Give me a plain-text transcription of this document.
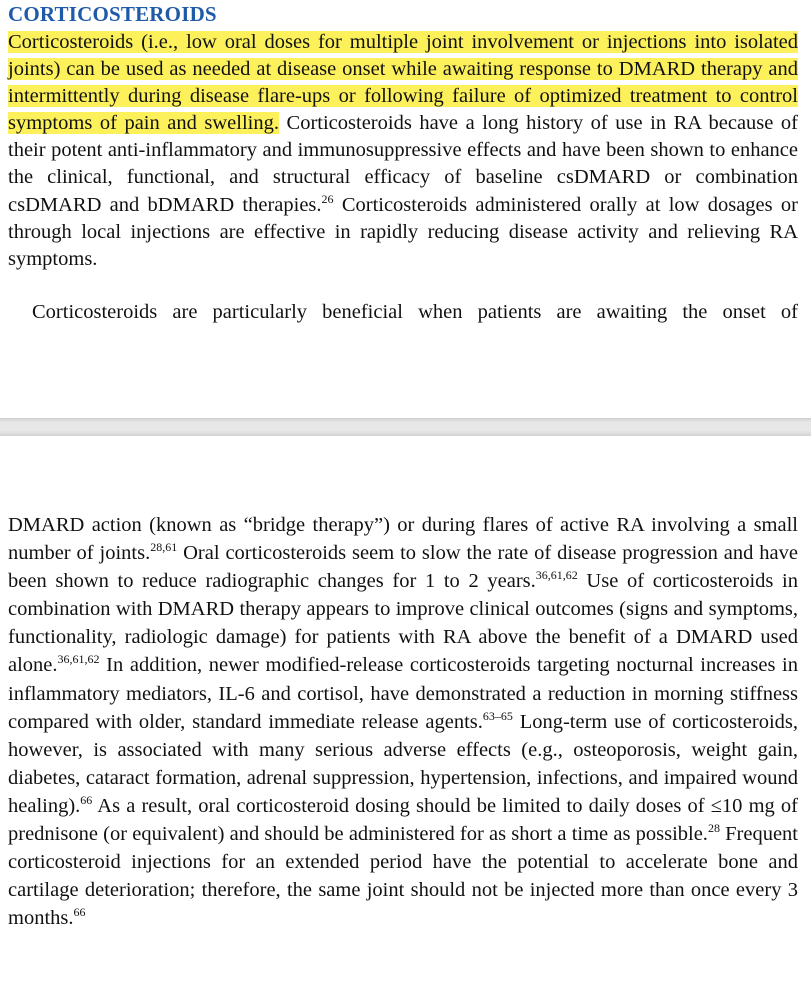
CORTICOSTEROIDS

Corticosteroids (i.e., low oral doses for multiple joint involvement or injections into isolated joints) can be used as needed at disease onset while awaiting response to DMARD therapy and intermittently during disease flare-ups or following failure of optimized treatment to control symptoms of pain and swelling. Corticosteroids have a long history of use in RA because of their potent anti-inflammatory and immunosuppressive effects and have been shown to enhance the clinical, functional, and structural efficacy of baseline csDMARD or combination csDMARD and bDMARD therapies.$^{26}$ Corticosteroids administered orally at low dosages or through local injections are effective in rapidly reducing disease activity and relieving RA symptoms.

Corticosteroids are particularly beneficial when patients are awaiting the onset of

DMARD action (known as “bridge therapy”) or during flares of active RA involving a small number of joints.$^{28,61}$ Oral corticosteroids seem to slow the rate of disease progression and have been shown to reduce radiographic changes for 1 to 2 years.$^{36,61,62}$ Use of corticosteroids in combination with DMARD therapy appears to improve clinical outcomes (signs and symptoms, functionality, radiologic damage) for patients with RA above the benefit of a DMARD used alone.$^{36,61,62}$ In addition, newer modified-release corticosteroids targeting nocturnal increases in inflammatory mediators, IL-6 and cortisol, have demonstrated a reduction in morning stiffness compared with older, standard immediate release agents.$^{63-65}$ Long-term use of corticosteroids, however, is associated with many serious adverse effects (e.g., osteoporosis, weight gain, diabetes, cataract formation, adrenal suppression, hypertension, infections, and impaired wound healing).$^{66}$ As a result, oral corticosteroid dosing should be limited to daily doses of ≤10 mg of prednisone (or equivalent) and should be administered for as short a time as possible.$^{28}$ Frequent corticosteroid injections for an extended period have the potential to accelerate bone and cartilage deterioration; therefore, the same joint should not be injected more than once every 3 months.$^{66}$
